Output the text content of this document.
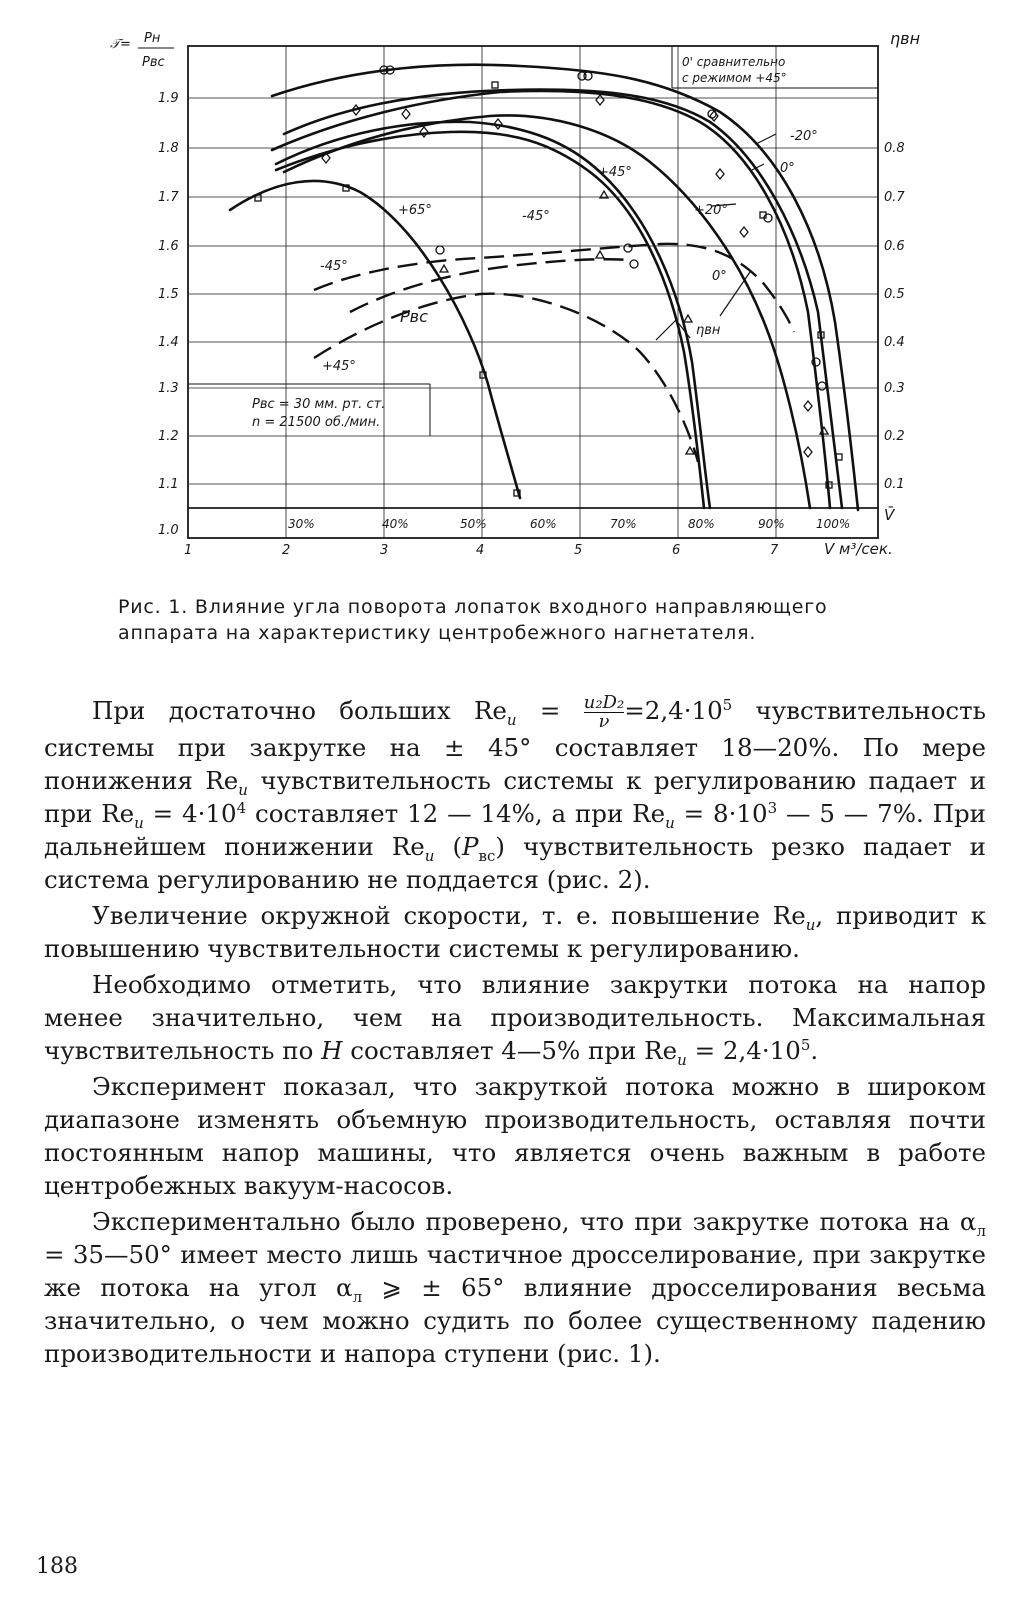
𝒯= Pн
Pвс
1.0
1.1
1.2
1.3
1.4
1.5
1.6
1.7
1.8
1.9
ηвн
0.1
0.2
0.3
0.4
0.5
0.6
0.7
0.8
V̄
30%	40%	50%	60%	70%	80%	90%	100%
1	2	3	4	5	6	7	V м³/сек.
0' сравнительно
с режимом +45°
Pвс = 30 мм. рт. ст.
n = 21500 об./мин.
+65°	-45°
+45°
-20°
0°
+20°
-45°
0°
+45°
ηвн
Pвс

Рис. 1. Влияние угла поворота лопаток входного направляющего аппарата на характеристику центробежного нагнетателя.

При достаточно больших $Re_u = \frac{\text{u₂D₂}}{\nu} =2,4\cdot 10^5$ чувствительность системы при закрутке на ± 45° составляет 18—20%. По мере понижения $Re_u$ чувствительность системы к регулированию падает и при $Re_u = 4\cdot 10^4$ составляет 12 — 14%, а при $Re_u = 8\cdot 10^3$ — 5 — 7%. При дальнейшем понижении $Re_u$ $(P_{вс})$ чувствительность резко падает и система регулированию не поддается (рис. 2).

Увеличение окружной скорости, т. е. повышение $Re_u$, приводит к повышению чувствительности системы к регулированию.

Необходимо отметить, что влияние закрутки потока на напор менее значительно, чем на производительность. Максимальная чувствительность по H составляет 4—5% при $Re_u = 2,4\cdot 10^5$.

Эксперимент показал, что закруткой потока можно в широком диапазоне изменять объемную производительность, оставляя почти постоянным напор машины, что является очень важным в работе центробежных вакуум-насосов.

Экспериментально было проверено, что при закрутке потока на $\alpha_л$ = 35—50° имеет место лишь частичное дросселирование, при закрутке же потока на угол $\alpha_л$ ⩾ ± 65° влияние дросселирования весьма значительно, о чем можно судить по более существенному падению производительности и напора ступени (рис. 1).

188
